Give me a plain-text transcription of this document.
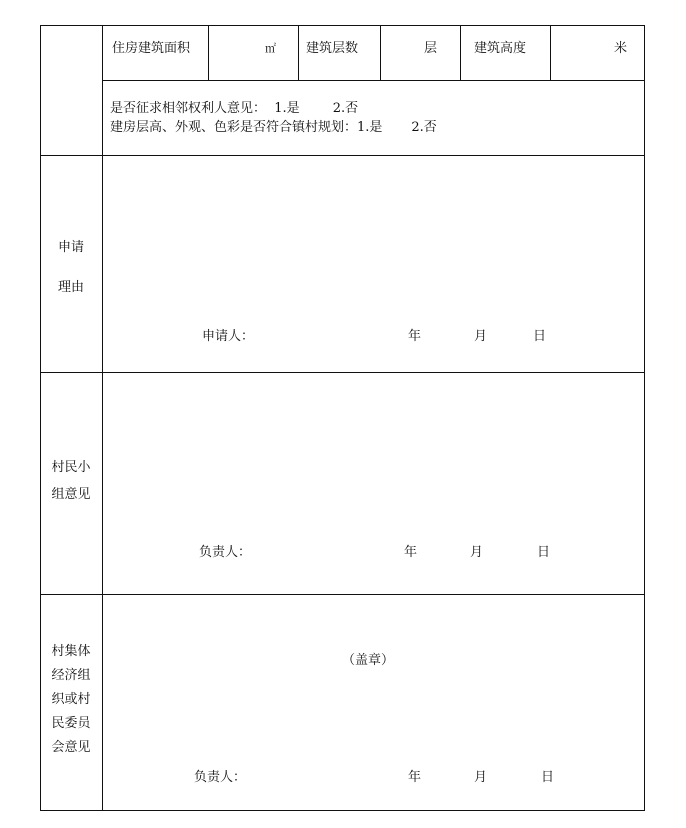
住房建筑面积	㎡ 建筑层数	层	建筑高度	米
是否征求相邻权利人意见：  1.是        2.否
建房层高、外观、色彩是否符合镇村规划：1.是       2.否
申请
理由
申请人：	年	月	日
村民小
组意见
负责人：	年	月	日
村集体
经济组
织或村
民委员
会意见
（盖章）
负责人：	年	月	日
